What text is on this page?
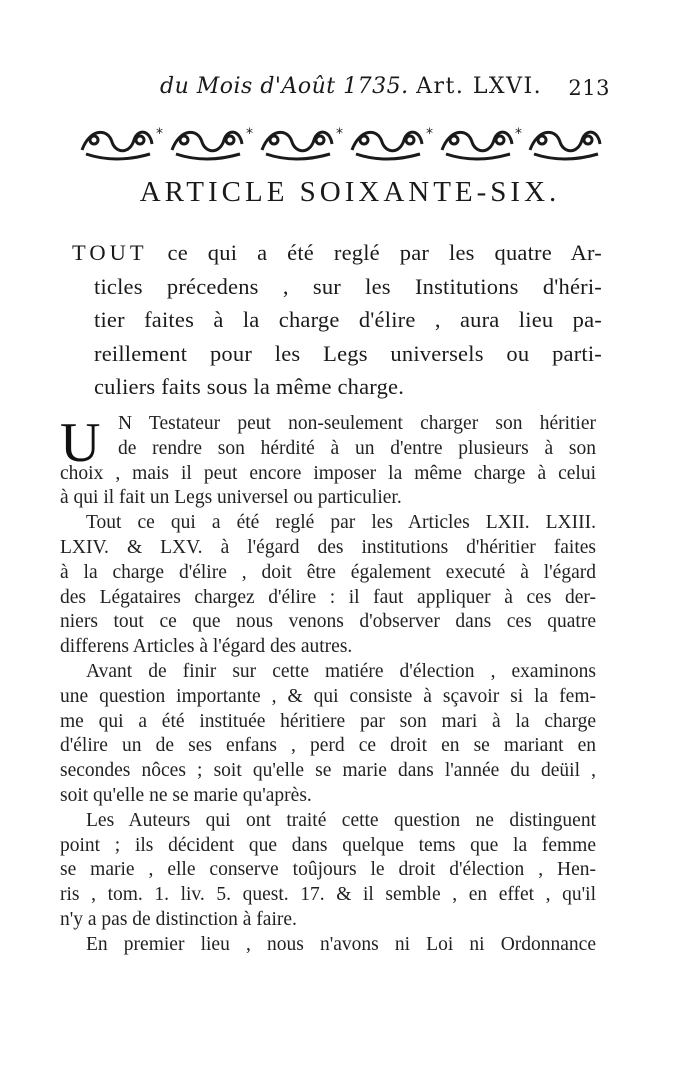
du Mois d'Août 1735. Art. LXVI. 213
*	*	*	*	*
ARTICLE SOIXANTE-SIX.
TOUT ce qui a été reglé par les quatre Ar-
ticles précedens , sur les Institutions d'héri-
tier faites à la charge d'élire , aura lieu pa-
reillement pour les Legs universels ou parti-
culiers faits sous la même charge.
U N Testateur peut non-seulement charger son héritier
de rendre son hérdité à un d'entre plusieurs à son
choix , mais il peut encore imposer la même charge à celui
à qui il fait un Legs universel ou particulier.
Tout ce qui a été reglé par les Articles LXII. LXIII.
LXIV. & LXV. à l'égard des institutions d'héritier faites
à la charge d'élire , doit être également executé à l'égard
des Légataires chargez d'élire : il faut appliquer à ces der-
niers tout ce que nous venons d'observer dans ces quatre
differens Articles à l'égard des autres.
Avant de finir sur cette matiére d'élection , examinons
une question importante , & qui consiste à sçavoir si la fem-
me qui a été instituée héritiere par son mari à la charge
d'élire un de ses enfans , perd ce droit en se mariant en
secondes nôces ; soit qu'elle se marie dans l'année du deüil ,
soit qu'elle ne se marie qu'après.
Les Auteurs qui ont traité cette question ne distinguent
point ; ils décident que dans quelque tems que la femme
se marie , elle conserve toûjours le droit d'élection , Hen-
ris , tom. 1. liv. 5. quest. 17. & il semble , en effet , qu'il
n'y a pas de distinction à faire.
En premier lieu , nous n'avons ni Loi ni Ordonnance
